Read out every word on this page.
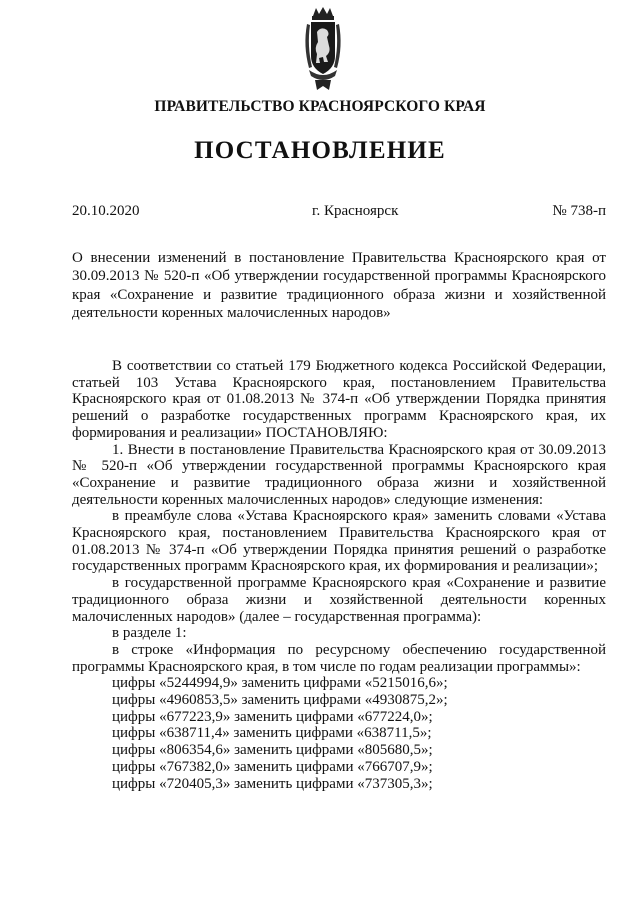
ПРАВИТЕЛЬСТВО КРАСНОЯРСКОГО КРАЯ
ПОСТАНОВЛЕНИЕ
20.10.2020	г. Красноярск	№ 738-п
О внесении изменений в постановление Правительства Красноярского края от 30.09.2013 № 520-п «Об утверждении государственной программы Красноярского края «Сохранение и развитие традиционного образа жизни и хозяйственной деятельности коренных малочисленных народов»

В соответствии со статьей 179 Бюджетного кодекса Российской Федерации, статьей 103 Устава Красноярского края, постановлением Правительства Красноярского края от 01.08.2013 № 374-п «Об утверждении Порядка принятия решений о разработке государственных программ Красноярского края, их формирования и реализации» ПОСТАНОВЛЯЮ:

1. Внести в постановление Правительства Красноярского края от 30.09.2013 № 520-п «Об утверждении государственной программы Красноярского края «Сохранение и развитие традиционного образа жизни и хозяйственной деятельности коренных малочисленных народов» следующие изменения:

в преамбуле слова «Устава Красноярского края» заменить словами «Устава Красноярского края, постановлением Правительства Красноярского края от 01.08.2013 № 374-п «Об утверждении Порядка принятия решений о разработке государственных программ Красноярского края, их формирования и реализации»;

в государственной программе Красноярского края «Сохранение и развитие традиционного образа жизни и хозяйственной деятельности коренных малочисленных народов» (далее – государственная программа):

в разделе 1:

в строке «Информация по ресурсному обеспечению государственной программы Красноярского края, в том числе по годам реализации программы»:

цифры «5244994,9» заменить цифрами «5215016,6»;

цифры «4960853,5» заменить цифрами «4930875,2»;

цифры «677223,9» заменить цифрами «677224,0»;

цифры «638711,4» заменить цифрами «638711,5»;

цифры «806354,6» заменить цифрами «805680,5»;

цифры «767382,0» заменить цифрами «766707,9»;

цифры «720405,3» заменить цифрами «737305,3»;
